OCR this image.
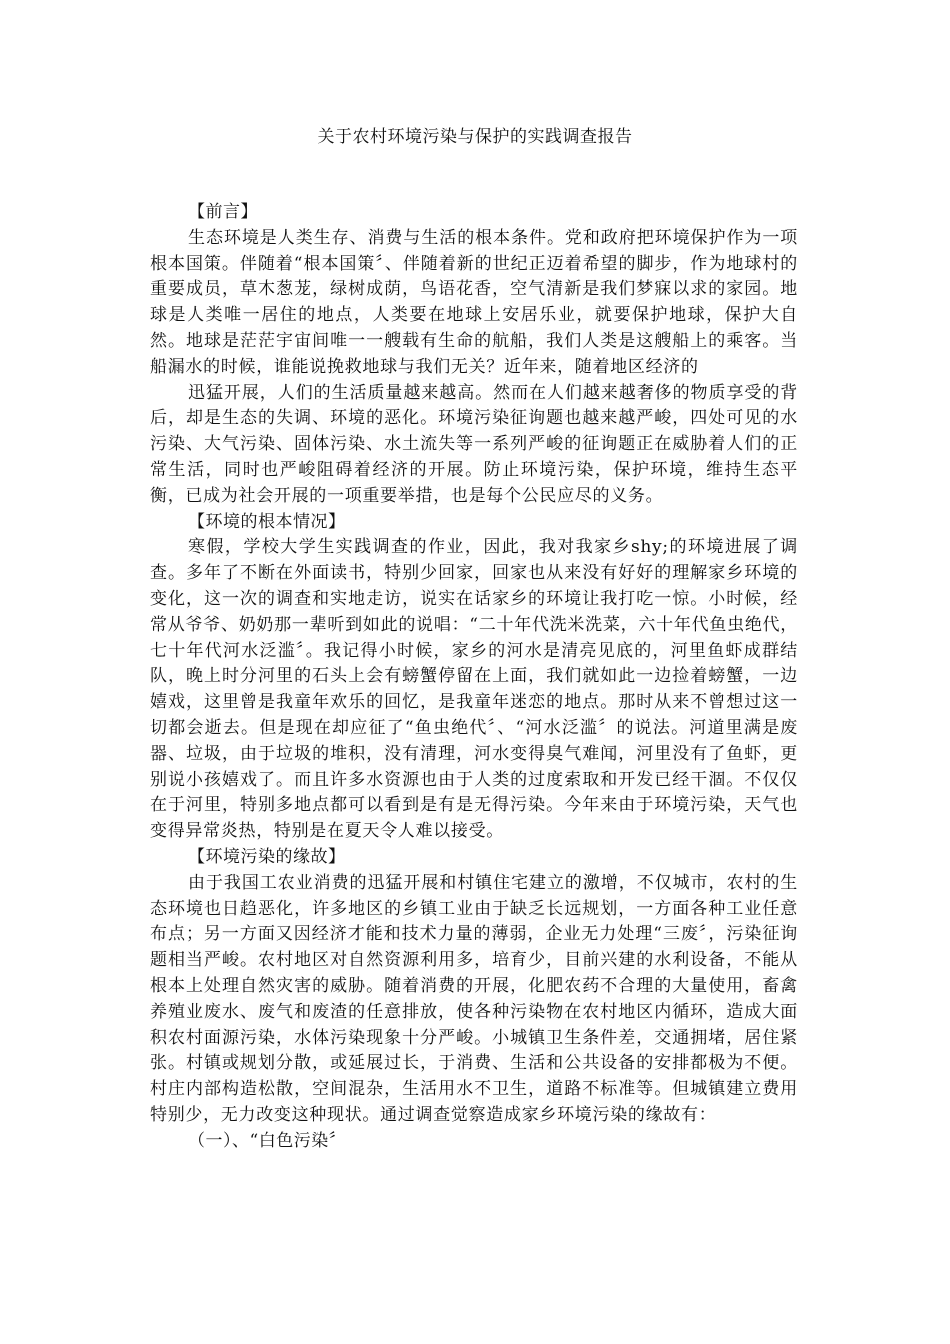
关于农村环境污染与保护的实践调查报告

【前言】

生态环境是人类生存、消费与生活的根本条件。党和政府把环境保护作为一项根本国策。伴随着“根本国策〞、伴随着新的世纪正迈着希望的脚步，作为地球村的重要成员，草木葱茏，绿树成荫，鸟语花香，空气清新是我们梦寐以求的家园。地球是人类唯一居住的地点，人类要在地球上安居乐业，就要保护地球，保护大自然。地球是茫茫宇宙间唯一一艘载有生命的航船，我们人类是这艘船上的乘客。当船漏水的时候，谁能说挽救地球与我们无关？近年来，随着地区经济的

迅猛开展，人们的生活质量越来越高。然而在人们越来越奢侈的物质享受的背后，却是生态的失调、环境的恶化。环境污染征询题也越来越严峻，四处可见的水污染、大气污染、固体污染、水土流失等一系列严峻的征询题正在威胁着人们的正常生活，同时也严峻阻碍着经济的开展。防止环境污染，保护环境，维持生态平衡，已成为社会开展的一项重要举措，也是每个公民应尽的义务。

【环境的根本情况】

寒假，学校大学生实践调查的作业，因此，我对我家乡shy;的环境进展了调查。多年了不断在外面读书，特别少回家，回家也从来没有好好的理解家乡环境的变化，这一次的调查和实地走访，说实在话家乡的环境让我打吃一惊。小时候，经常从爷爷、奶奶那一辈听到如此的说唱：“二十年代洗米洗菜，六十年代鱼虫绝代，七十年代河水泛滥〞。我记得小时候，家乡的河水是清亮见底的，河里鱼虾成群结队，晚上时分河里的石头上会有螃蟹停留在上面，我们就如此一边捡着螃蟹，一边嬉戏，这里曾是我童年欢乐的回忆，是我童年迷恋的地点。那时从来不曾想过这一切都会逝去。但是现在却应征了“鱼虫绝代〞、“河水泛滥〞的说法。河道里满是废器、垃圾，由于垃圾的堆积，没有清理，河水变得臭气难闻，河里没有了鱼虾，更别说小孩嬉戏了。而且许多水资源也由于人类的过度索取和开发已经干涸。不仅仅在于河里，特别多地点都可以看到是有是无得污染。今年来由于环境污染，天气也变得异常炎热，特别是在夏天令人难以接受。

【环境污染的缘故】

由于我国工农业消费的迅猛开展和村镇住宅建立的激增，不仅城市，农村的生态环境也日趋恶化，许多地区的乡镇工业由于缺乏长远规划，一方面各种工业任意布点；另一方面又因经济才能和技术力量的薄弱，企业无力处理“三废〞，污染征询题相当严峻。农村地区对自然资源利用多，培育少，目前兴建的水利设备，不能从根本上处理自然灾害的威胁。随着消费的开展，化肥农药不合理的大量使用，畜禽养殖业废水、废气和废渣的任意排放，使各种污染物在农村地区内循环，造成大面积农村面源污染，水体污染现象十分严峻。小城镇卫生条件差，交通拥堵，居住紧张。村镇或规划分散，或延展过长，于消费、生活和公共设备的安排都极为不便。村庄内部构造松散，空间混杂，生活用水不卫生，道路不标准等。但城镇建立费用特别少，无力改变这种现状。通过调查觉察造成家乡环境污染的缘故有：

（一）、“白色污染〞
